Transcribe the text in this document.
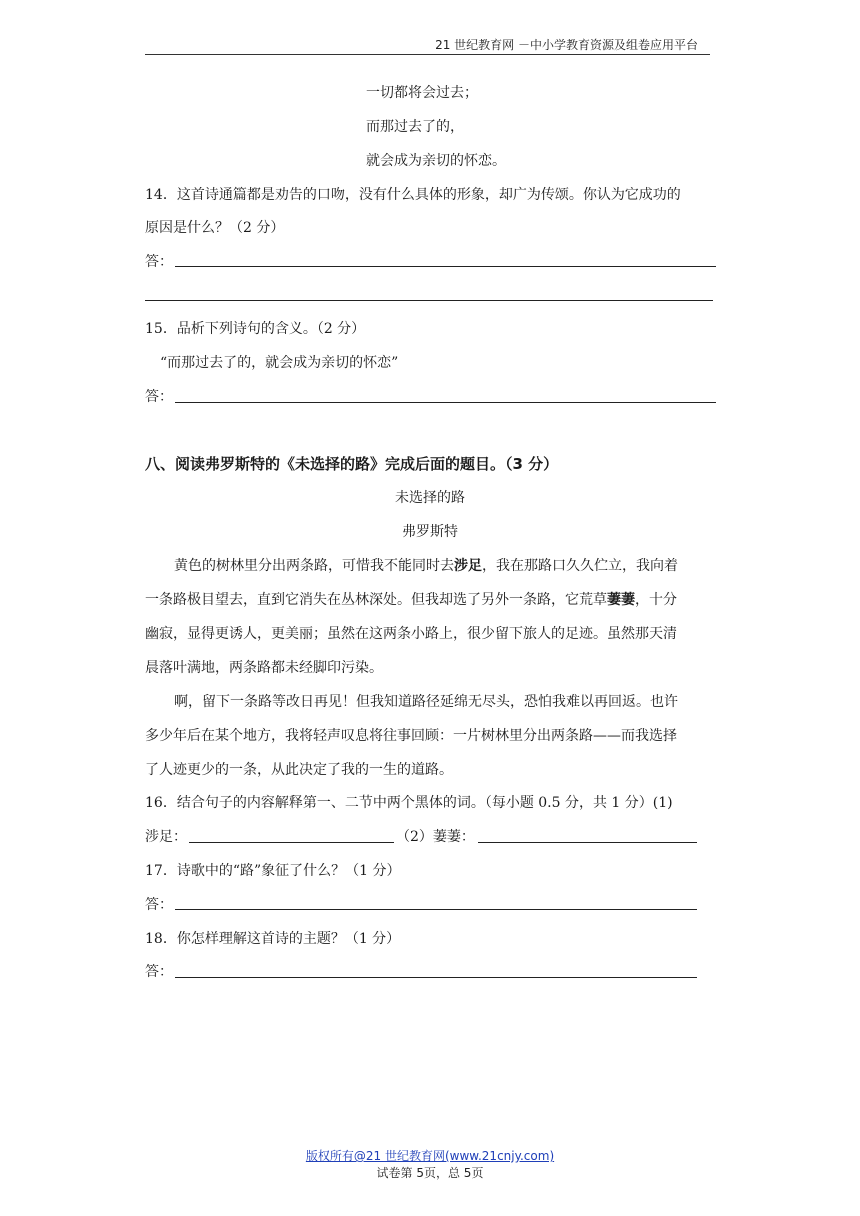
21 世纪教育网 －中小学教育资源及组卷应用平台
一切都将会过去；
而那过去了的，
就会成为亲切的怀恋。
14．这首诗通篇都是劝告的口吻，没有什么具体的形象，却广为传颂。你认为它成功的
原因是什么？（2 分）
答：
15．品析下列诗句的含义。（2 分）
“而那过去了的，就会成为亲切的怀恋”
答：
八、阅读弗罗斯特的《未选择的路》完成后面的题目。（3 分）
未选择的路
弗罗斯特
黄色的树林里分出两条路，可惜我不能同时去涉足，我在那路口久久伫立，我向着
一条路极目望去，直到它消失在丛林深处。但我却选了另外一条路，它荒草萋萋，十分
幽寂，显得更诱人，更美丽；虽然在这两条小路上，很少留下旅人的足迹。虽然那天清
晨落叶满地，两条路都未经脚印污染。
啊，留下一条路等改日再见！但我知道路径延绵无尽头，恐怕我难以再回返。也许
多少年后在某个地方，我将轻声叹息将往事回顾：一片树林里分出两条路——而我选择
了人迹更少的一条，从此决定了我的一生的道路。
16．结合句子的内容解释第一、二节中两个黑体的词。（每小题 0.5 分，共 1 分）(1)
涉足：	（2）萋萋：
17．诗歌中的“路”象征了什么？（1 分）
答：
18．你怎样理解这首诗的主题？（1 分）
答：
版权所有@21 世纪教育网(www.21cnjy.com)
试卷第 5页，总 5页
